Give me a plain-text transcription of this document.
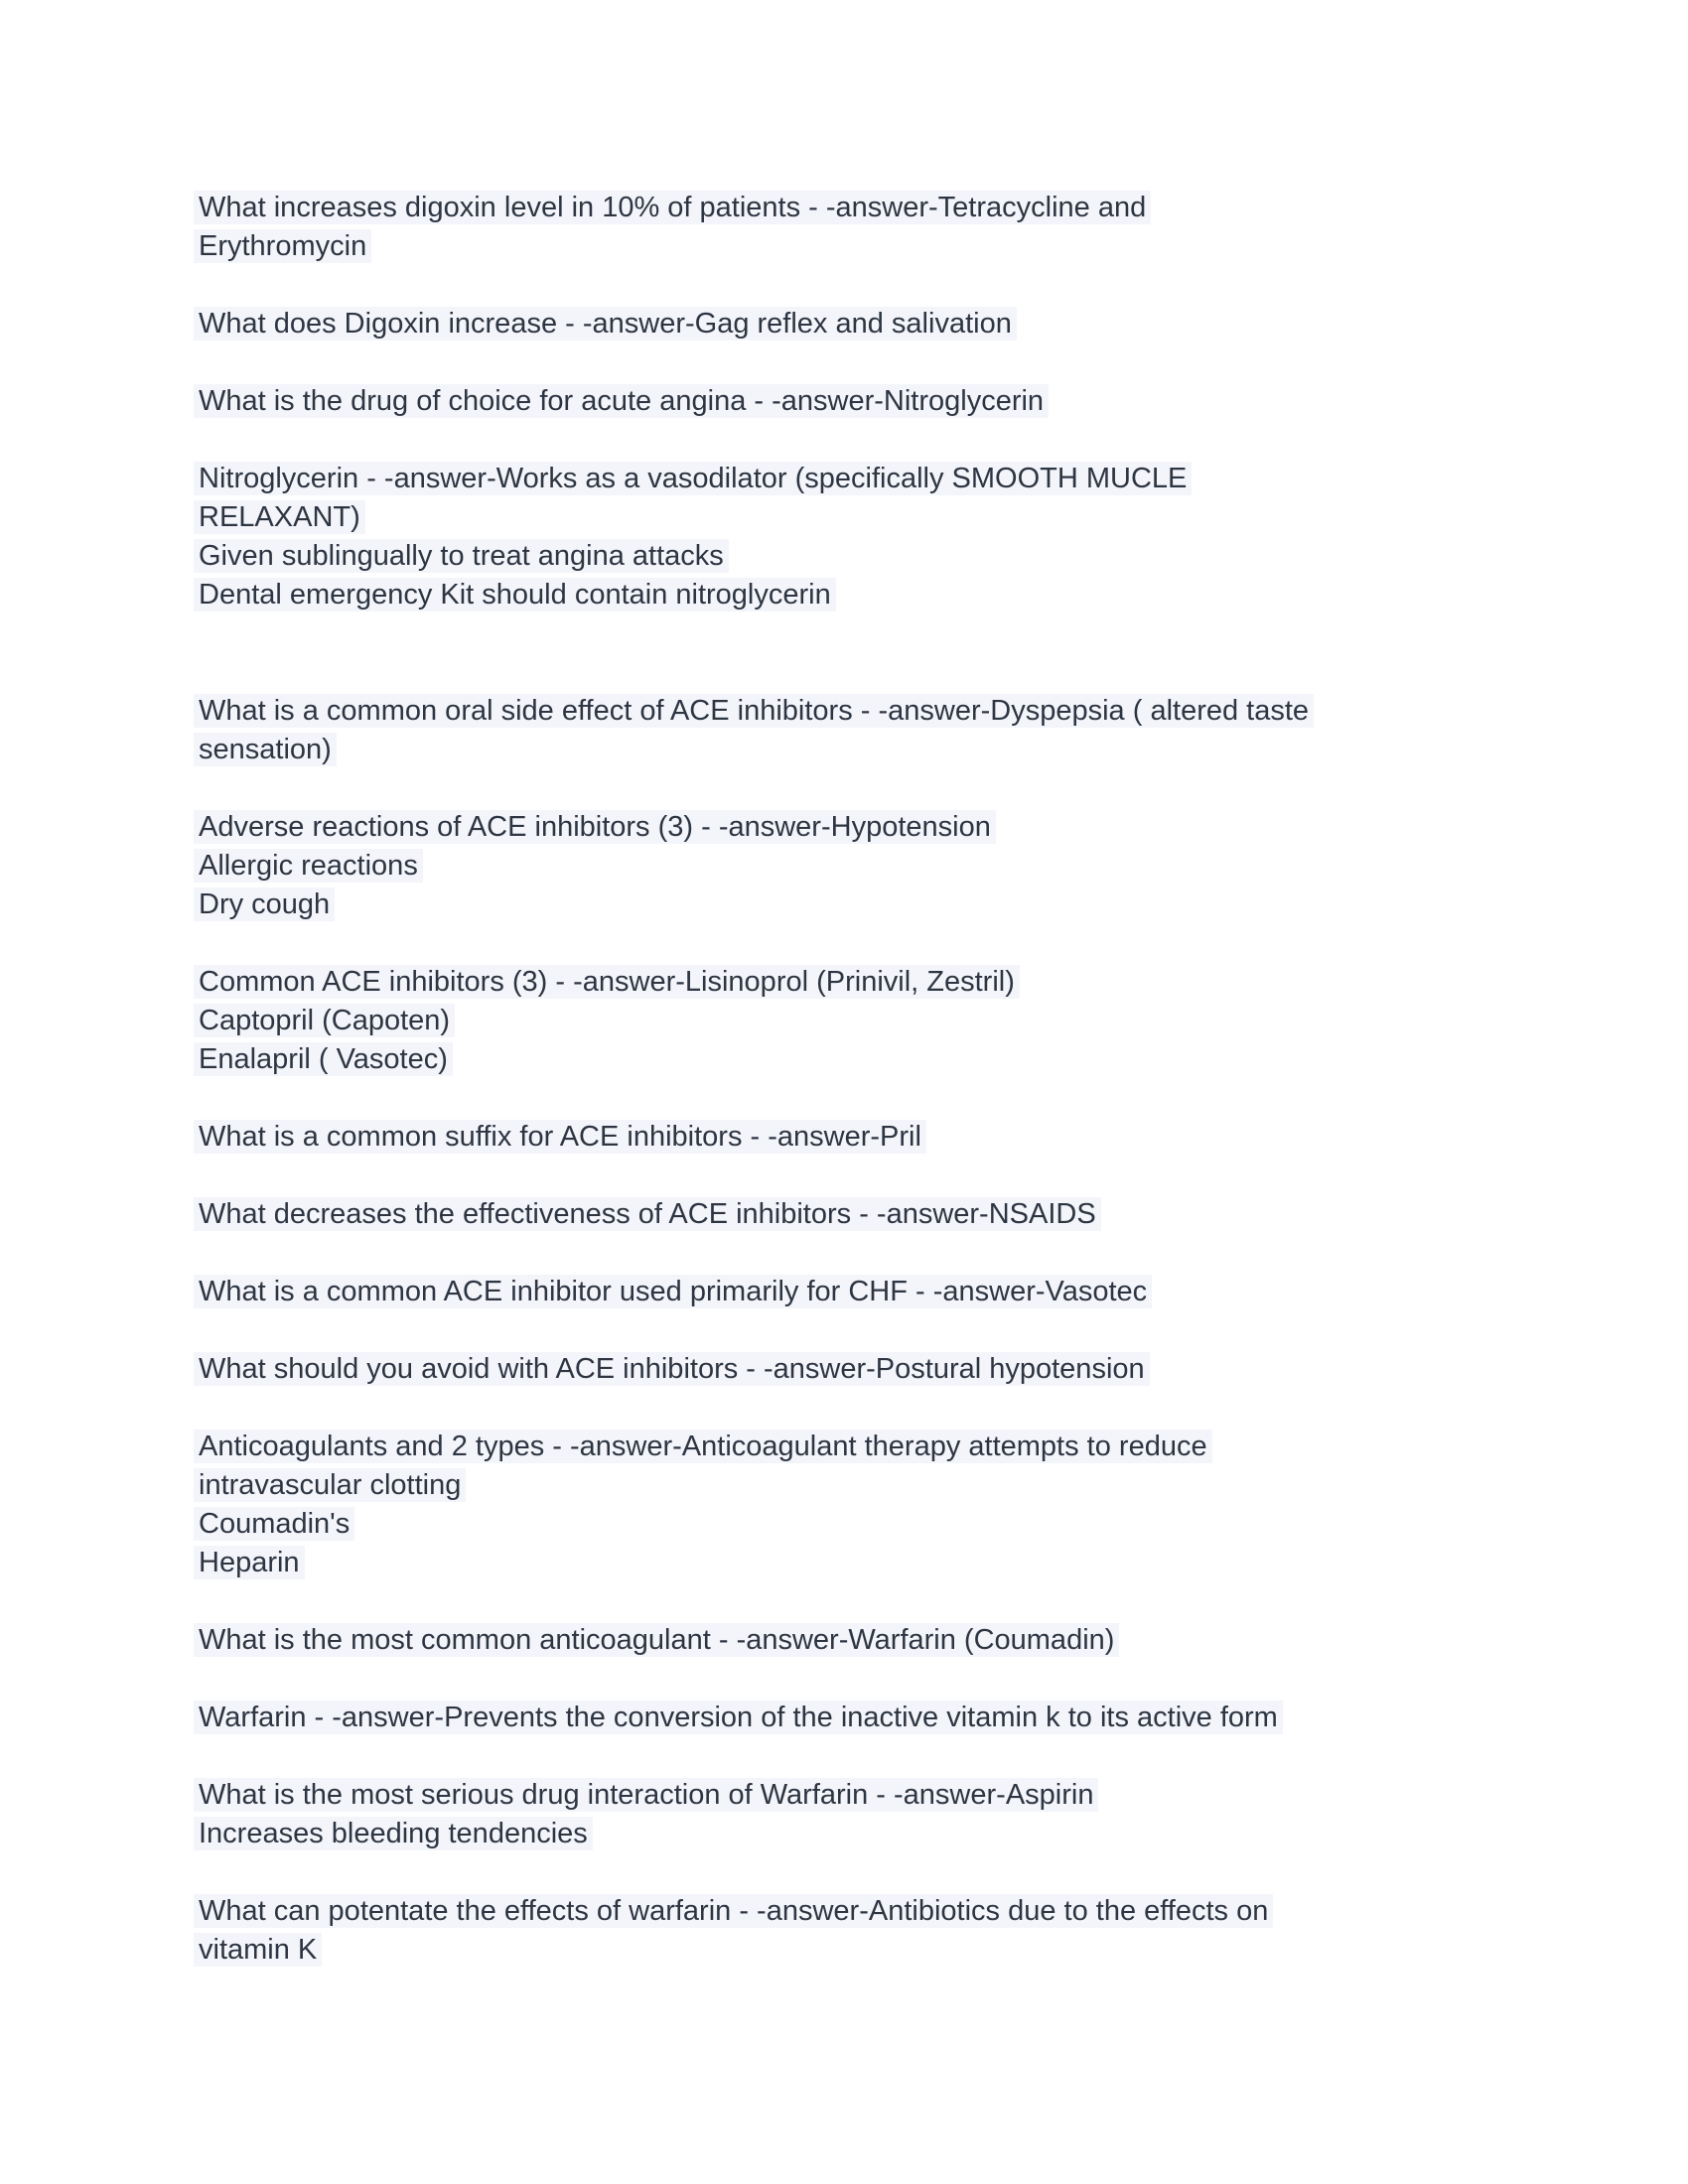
What increases digoxin level in 10% of patients - -answer-Tetracycline and
Erythromycin
What does Digoxin increase - -answer-Gag reflex and salivation
What is the drug of choice for acute angina - -answer-Nitroglycerin
Nitroglycerin - -answer-Works as a vasodilator (specifically SMOOTH MUCLE
RELAXANT)
Given sublingually to treat angina attacks
Dental emergency Kit should contain nitroglycerin
What is a common oral side effect of ACE inhibitors - -answer-Dyspepsia ( altered taste
sensation)
Adverse reactions of ACE inhibitors (3) - -answer-Hypotension
Allergic reactions
Dry cough
Common ACE inhibitors (3) - -answer-Lisinoprol (Prinivil, Zestril)
Captopril (Capoten)
Enalapril ( Vasotec)
What is a common suffix for ACE inhibitors - -answer-Pril
What decreases the effectiveness of ACE inhibitors - -answer-NSAIDS
What is a common ACE inhibitor used primarily for CHF - -answer-Vasotec
What should you avoid with ACE inhibitors - -answer-Postural hypotension
Anticoagulants and 2 types - -answer-Anticoagulant therapy attempts to reduce
intravascular clotting
Coumadin's
Heparin
What is the most common anticoagulant - -answer-Warfarin (Coumadin)
Warfarin - -answer-Prevents the conversion of the inactive vitamin k to its active form
What is the most serious drug interaction of Warfarin - -answer-Aspirin
Increases bleeding tendencies
What can potentate the effects of warfarin - -answer-Antibiotics due to the effects on
vitamin K
